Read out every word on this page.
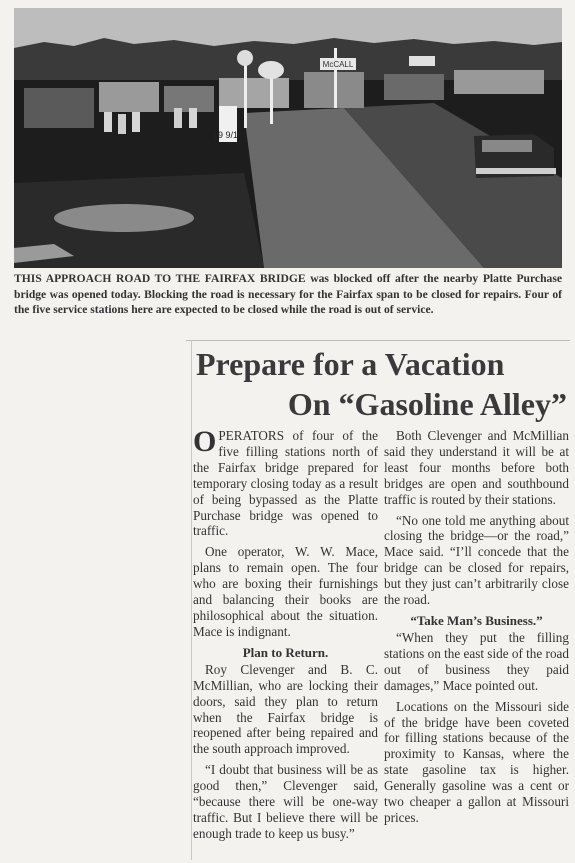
McCALL
19 9/10

THIS APPROACH ROAD TO THE FAIRFAX BRIDGE was blocked off after the nearby Platte Purchase bridge was opened today. Blocking the road is necessary for the Fairfax span to be closed for repairs. Four of the five service stations here are expected to be closed while the road is out of service.

Prepare for a Vacation
On “Gasoline Alley”

OPERATORS of four of the five filling stations north of the Fairfax bridge prepared for temporary closing today as a result of being bypassed as the Platte Purchase bridge was opened to traffic.

One operator, W. W. Mace, plans to remain open. The four who are boxing their furnishings and balancing their books are philosophical about the situation. Mace is indignant.

Plan to Return.

Roy Clevenger and B. C. McMillian, who are locking their doors, said they plan to return when the Fairfax bridge is reopened after being repaired and the south approach improved.

“I doubt that business will be as good then,” Clevenger said, “because there will be one-way traffic. But I believe there will be enough trade to keep us busy.”

Both Clevenger and McMillian said they understand it will be at least four months before both bridges are open and southbound traffic is routed by their stations.

“No one told me anything about closing the bridge—or the road,” Mace said. “I’ll concede that the bridge can be closed for repairs, but they just can’t arbitrarily close the road.

“Take Man’s Business.”

“When they put the filling stations on the east side of the road out of business they paid damages,” Mace pointed out.

Locations on the Missouri side of the bridge have been coveted for filling stations because of the proximity to Kansas, where the state gasoline tax is higher. Generally gasoline was a cent or two cheaper a gallon at Missouri prices.
